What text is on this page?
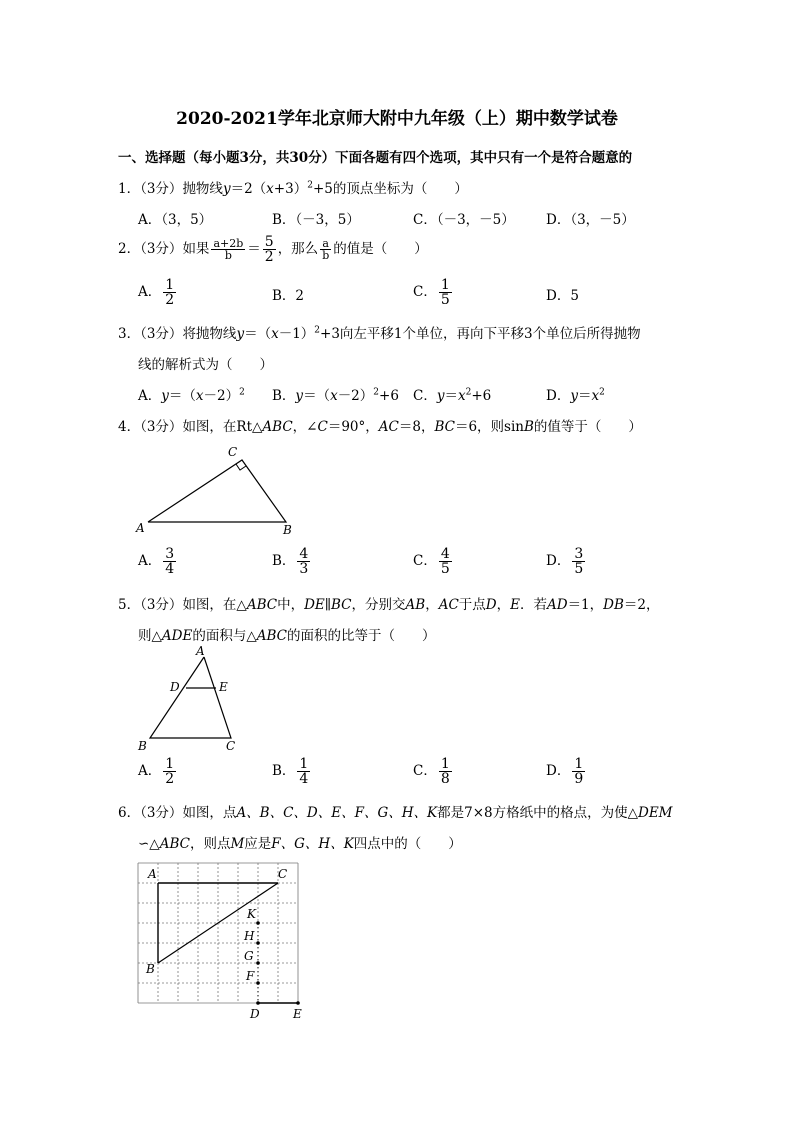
2020-2021学年北京师大附中九年级（上）期中数学试卷
一、选择题（每小题3分，共30分）下面各题有四个选项，其中只有一个是符合题意的
1．（3分）抛物线$y=2(x+3)^2+5$的顶点坐标为（　　）
A．（3，5）	B．（－3，5）	C．（－3，－5） D．（3，－5）
2．（3分）如果 $\frac{a+2b}{b} = \frac{5}{2}$ ，那么 $\frac{a}{b}$ 的值是（　　）
A． $\frac{1}{2}$	B．2	C． $\frac{1}{5}$	D．5
3．（3分）将抛物线$y=(x-1)^2+3$向左平移1个单位，再向下平移3个单位后所得抛物
线的解析式为（　　）
A．$y=(x-2)^2$ B．$y=(x-2)^2+6$ C．$y=x^2+6$	D．$y=x^2$
4．（3分）如图，在Rt△ABC，∠C＝90°，AC＝8，BC＝6，则sinB的值等于（　　）
C
A	B
A． $\frac{3}{4}$	B． $\frac{4}{3}$	C． $\frac{4}{5}$	D． $\frac{3}{5}$
5．（3分）如图，在△ABC中，DE∥BC，分别交AB，AC于点D，E．若AD＝1，DB＝2，
则△ADE的面积与△ABC的面积的比等于（　　）
A
D	E
B	C
A． $\frac{1}{2}$	B． $\frac{1}{4}$	C． $\frac{1}{8}$	D． $\frac{1}{9}$
6．（3分）如图，点A、B、C、D、E、F、G、H、K都是7×8方格纸中的格点，为使△DEM
∽△ABC，则点M应是F、G、H、K四点中的（　　）
A	C
K
H
G
B	F
D	E
